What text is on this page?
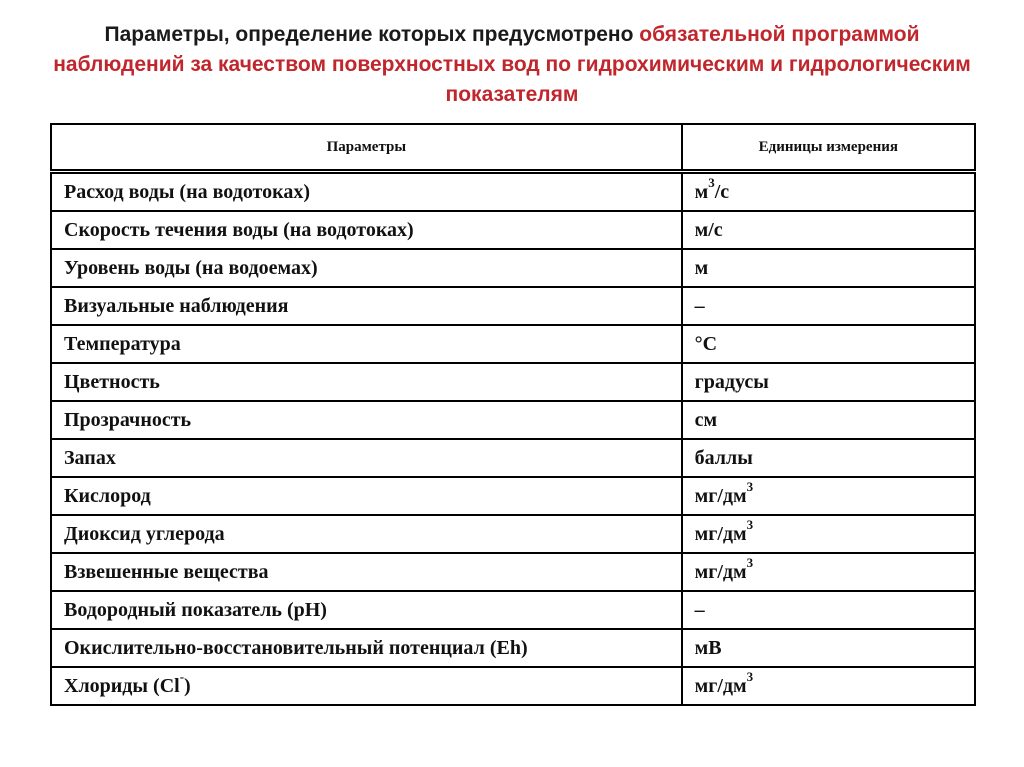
Параметры, определение которых предусмотрено обязательной программой наблюдений за качеством поверхностных вод по гидрохимическим и гидрологическим показателям
Параметры	Единицы измерения
Расход воды (на водотоках)	$м^3/с$
Скорость течения воды (на водотоках)	м/с
Уровень воды (на водоемах)	м
Визуальные наблюдения	–
Температура	°С
Цветность	градусы
Прозрачность	см
Запах	баллы
Кислород	$мг/дм^3$
Диоксид углерода	$мг/дм^3$
Взвешенные вещества	$мг/дм^3$
Водородный показатель (pH)	–
Окислительно-восстановительный потенциал (Eh)	мВ
Хлориды (Cl-)	$мг/дм^3$
